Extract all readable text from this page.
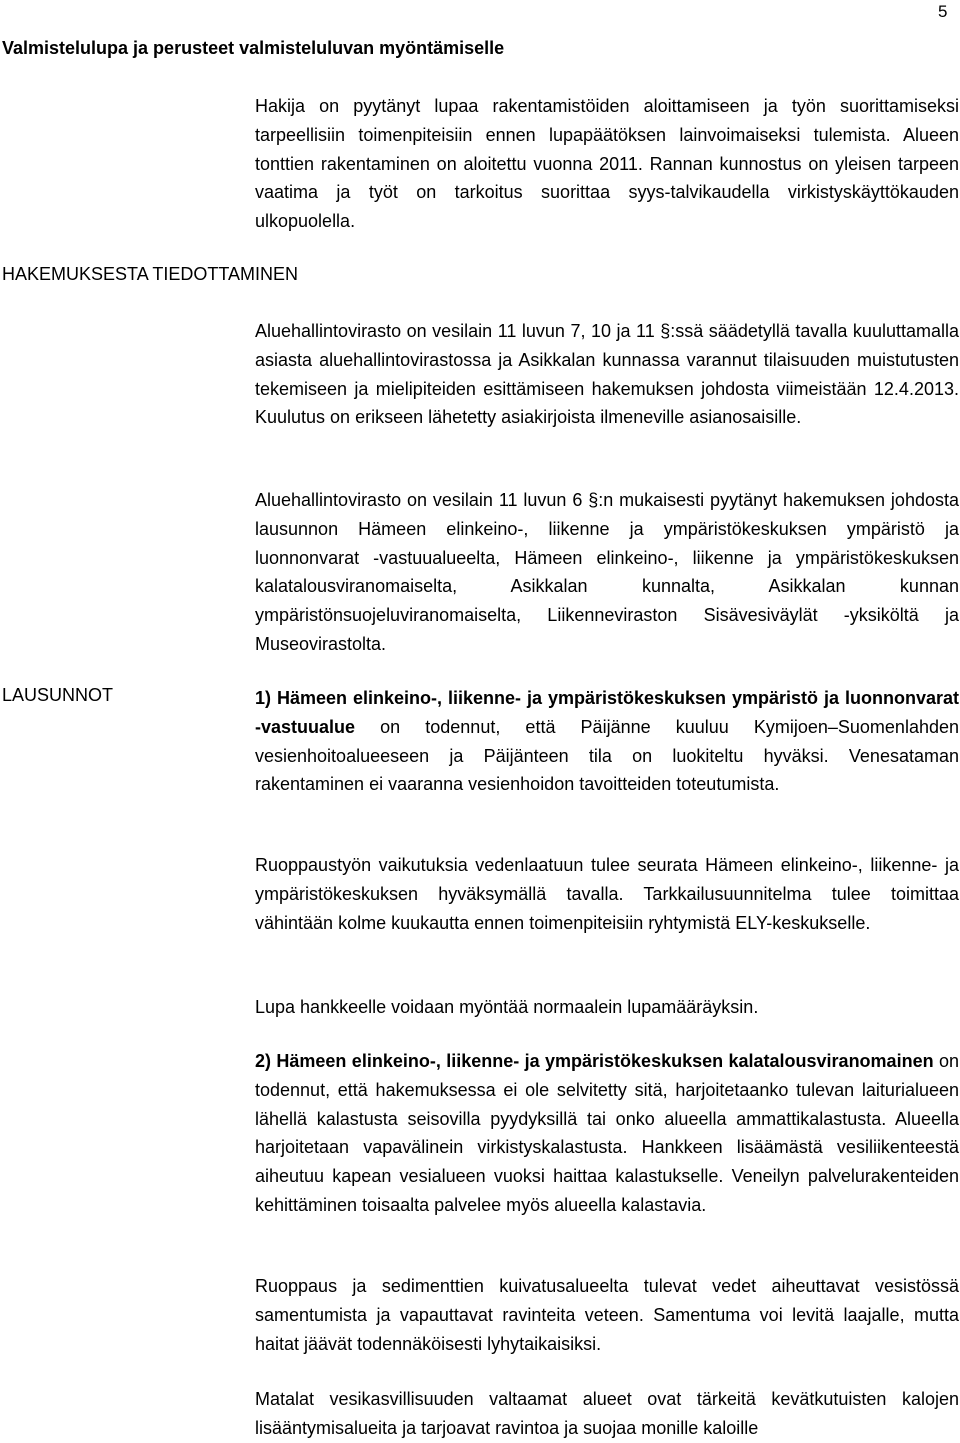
5
Valmistelulupa ja perusteet valmisteluluvan myöntämiselle

Hakija on pyytänyt lupaa rakentamistöiden aloittamiseen ja työn suorittamiseksi tarpeellisiin toimenpiteisiin ennen lupapäätöksen lainvoimaiseksi tulemista. Alueen tonttien rakentaminen on aloitettu vuonna 2011. Rannan kunnostus on yleisen tarpeen vaatima ja työt on tarkoitus suorittaa syys-talvikaudella virkistyskäyttökauden ulkopuolella.

HAKEMUKSESTA TIEDOTTAMINEN

Aluehallintovirasto on vesilain 11 luvun 7, 10 ja 11 §:ssä säädetyllä tavalla kuuluttamalla asiasta aluehallintovirastossa ja Asikkalan kunnassa varannut tilaisuuden muistutusten tekemiseen ja mielipiteiden esittämiseen hakemuksen johdosta viimeistään 12.4.2013. Kuulutus on erikseen lähetetty asiakirjoista ilmeneville asianosaisille.

Aluehallintovirasto on vesilain 11 luvun 6 §:n mukaisesti pyytänyt hakemuksen johdosta lausunnon Hämeen elinkeino-, liikenne ja ympäristökeskuksen ympäristö ja luonnonvarat -vastuualueelta, Hämeen elinkeino-, liikenne ja ympäristökeskuksen kalatalousviranomaiselta, Asikkalan kunnalta, Asikkalan kunnan ympäristönsuojeluviranomaiselta, Liikenneviraston Sisävesiväylät -yksiköltä ja Museovirastolta.

LAUSUNNOT	1) Hämeen elinkeino-, liikenne- ja ympäristökeskuksen ympäristö ja luonnonvarat -vastuualue on todennut, että Päijänne kuuluu Kymijoen–Suomenlahden vesienhoitoalueeseen ja Päijänteen tila on luokiteltu hyväksi. Venesataman rakentaminen ei vaaranna vesienhoidon tavoitteiden toteutumista.

Ruoppaustyön vaikutuksia vedenlaatuun tulee seurata Hämeen elinkeino-, liikenne- ja ympäristökeskuksen hyväksymällä tavalla. Tarkkailusuunnitelma tulee toimittaa vähintään kolme kuukautta ennen toimenpiteisiin ryhtymistä ELY-keskukselle.

Lupa hankkeelle voidaan myöntää normaalein lupamääräyksin.

2) Hämeen elinkeino-, liikenne- ja ympäristökeskuksen kalatalousviranomainen on todennut, että hakemuksessa ei ole selvitetty sitä, harjoitetaanko tulevan laiturialueen lähellä kalastusta seisovilla pyydyksillä tai onko alueella ammattikalastusta. Alueella harjoitetaan vapavälinein virkistyskalastusta. Hankkeen lisäämästä vesiliikenteestä aiheutuu kapean vesialueen vuoksi haittaa kalastukselle. Veneilyn palvelurakenteiden kehittäminen toisaalta palvelee myös alueella kalastavia.

Ruoppaus ja sedimenttien kuivatusalueelta tulevat vedet aiheuttavat vesistössä samentumista ja vapauttavat ravinteita veteen. Samentuma voi levitä laajalle, mutta haitat jäävät todennäköisesti lyhytaikaisiksi.

Matalat vesikasvillisuuden valtaamat alueet ovat tärkeitä kevätkutuisten kalojen lisääntymisalueita ja tarjoavat ravintoa ja suojaa monille kaloille
